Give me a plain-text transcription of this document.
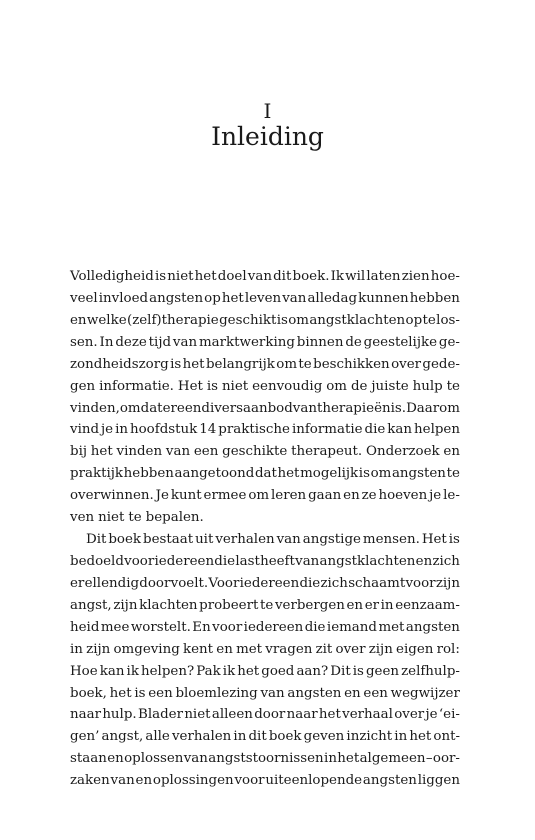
I
Inleiding
Volledigheid is niet het doel van dit boek. Ik wil laten zien hoe-
veel invloed angsten op het leven van alledag kunnen hebben
en welke (zelf)therapie geschikt is om angstklachten op te los-
sen. In deze tijd van marktwerking binnen de geestelijke ge-
zondheidszorg is het belangrijk om te beschikken over gede-
gen informatie. Het is niet eenvoudig om de juiste hulp te
vinden, omdat er een divers aanbod van therapieën is. Daarom
vind je in hoofdstuk 14 praktische informatie die kan helpen
bij het vinden van een geschikte therapeut. Onderzoek en
praktijk hebben aangetoond dat het mogelijk is om angsten te
overwinnen. Je kunt ermee om leren gaan en ze hoeven je le-
ven niet te bepalen.
Dit boek bestaat uit verhalen van angstige mensen. Het is
bedoeld voor iedereen die last heeft van angstklachten en zich
er ellendig door voelt. Voor iedereen die zich schaamt voor zijn
angst, zijn klachten probeert te verbergen en er in eenzaam-
heid mee worstelt. En voor iedereen die iemand met angsten
in zijn omgeving kent en met vragen zit over zijn eigen rol:
Hoe kan ik helpen? Pak ik het goed aan? Dit is geen zelfhulp-
boek, het is een bloemlezing van angsten en een wegwijzer
naar hulp. Blader niet alleen door naar het verhaal over je ‘ei-
gen’ angst, alle verhalen in dit boek geven inzicht in het ont-
staan en oplossen van angststoornissen in het algemeen – oor-
zaken van en oplossingen voor uiteenlopende angsten liggen
